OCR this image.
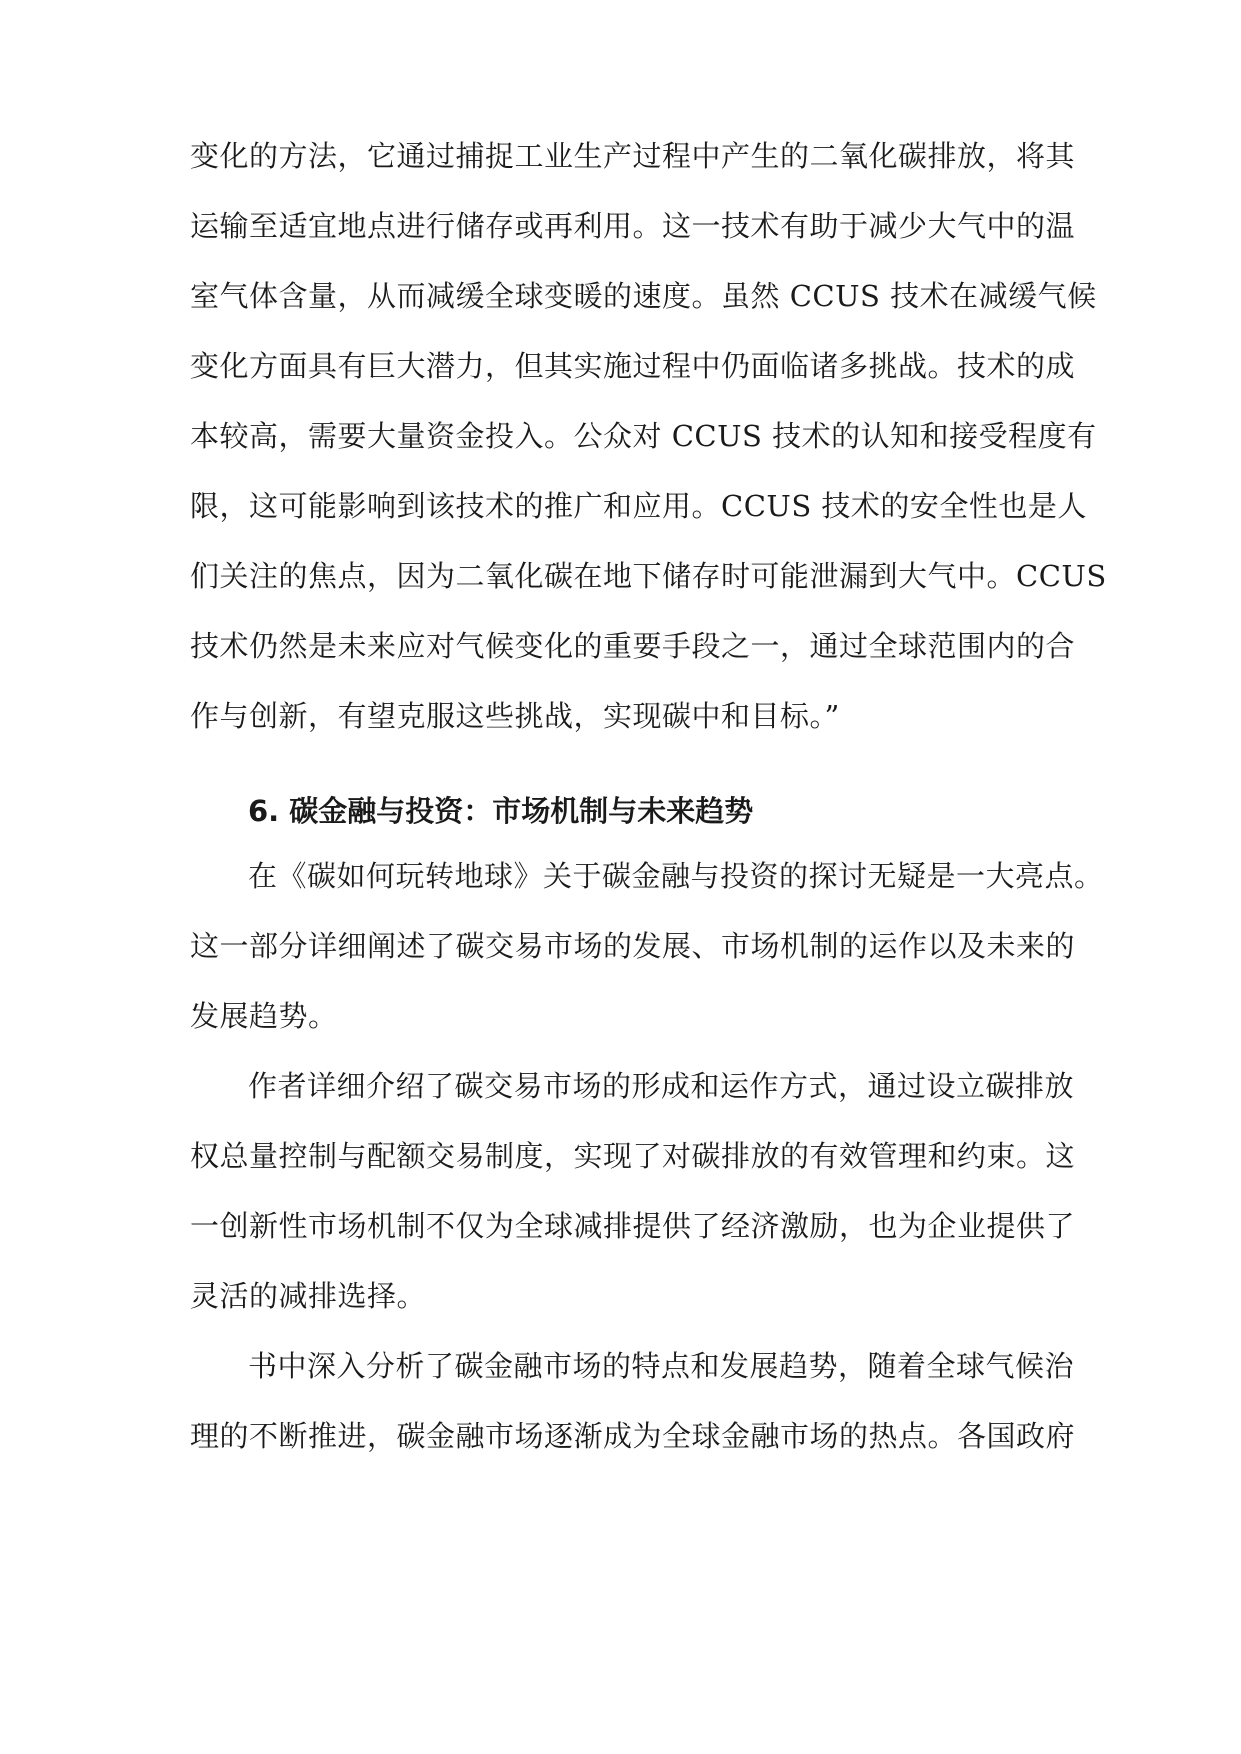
变化的方法，它通过捕捉工业生产过程中产生的二氧化碳排放，将其
运输至适宜地点进行储存或再利用。这一技术有助于减少大气中的温
室气体含量，从而减缓全球变暖的速度。虽然 CCUS 技术在减缓气候
变化方面具有巨大潜力，但其实施过程中仍面临诸多挑战。技术的成
本较高，需要大量资金投入。公众对 CCUS 技术的认知和接受程度有
限，这可能影响到该技术的推广和应用。CCUS 技术的安全性也是人
们关注的焦点，因为二氧化碳在地下储存时可能泄漏到大气中。CCUS
技术仍然是未来应对气候变化的重要手段之一，通过全球范围内的合
作与创新，有望克服这些挑战，实现碳中和目标。”
6. 碳金融与投资：市场机制与未来趋势
在《碳如何玩转地球》关于碳金融与投资的探讨无疑是一大亮点。
这一部分详细阐述了碳交易市场的发展、市场机制的运作以及未来的
发展趋势。
作者详细介绍了碳交易市场的形成和运作方式，通过设立碳排放
权总量控制与配额交易制度，实现了对碳排放的有效管理和约束。这
一创新性市场机制不仅为全球减排提供了经济激励，也为企业提供了
灵活的减排选择。
书中深入分析了碳金融市场的特点和发展趋势，随着全球气候治
理的不断推进，碳金融市场逐渐成为全球金融市场的热点。各国政府
